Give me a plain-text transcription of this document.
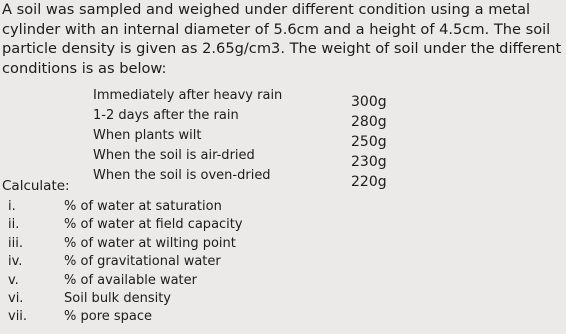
A soil was sampled and weighed under different condition using a metal cylinder with an internal diameter of 5.6cm and a height of 4.5cm. The soil particle density is given as 2.65g/cm3. The weight of soil under the different conditions is as below:

Immediately after heavy rain	300g
1-2 days after the rain	280g
When plants wilt	250g
When the soil is air-dried	230g
When the soil is oven-dried	220g

Calculate:

i.	% of water at saturation
ii.	% of water at field capacity
iii.	% of water at wilting point
iv.	% of gravitational water
v.	% of available water
vi.	Soil bulk density
vii.	% pore space
